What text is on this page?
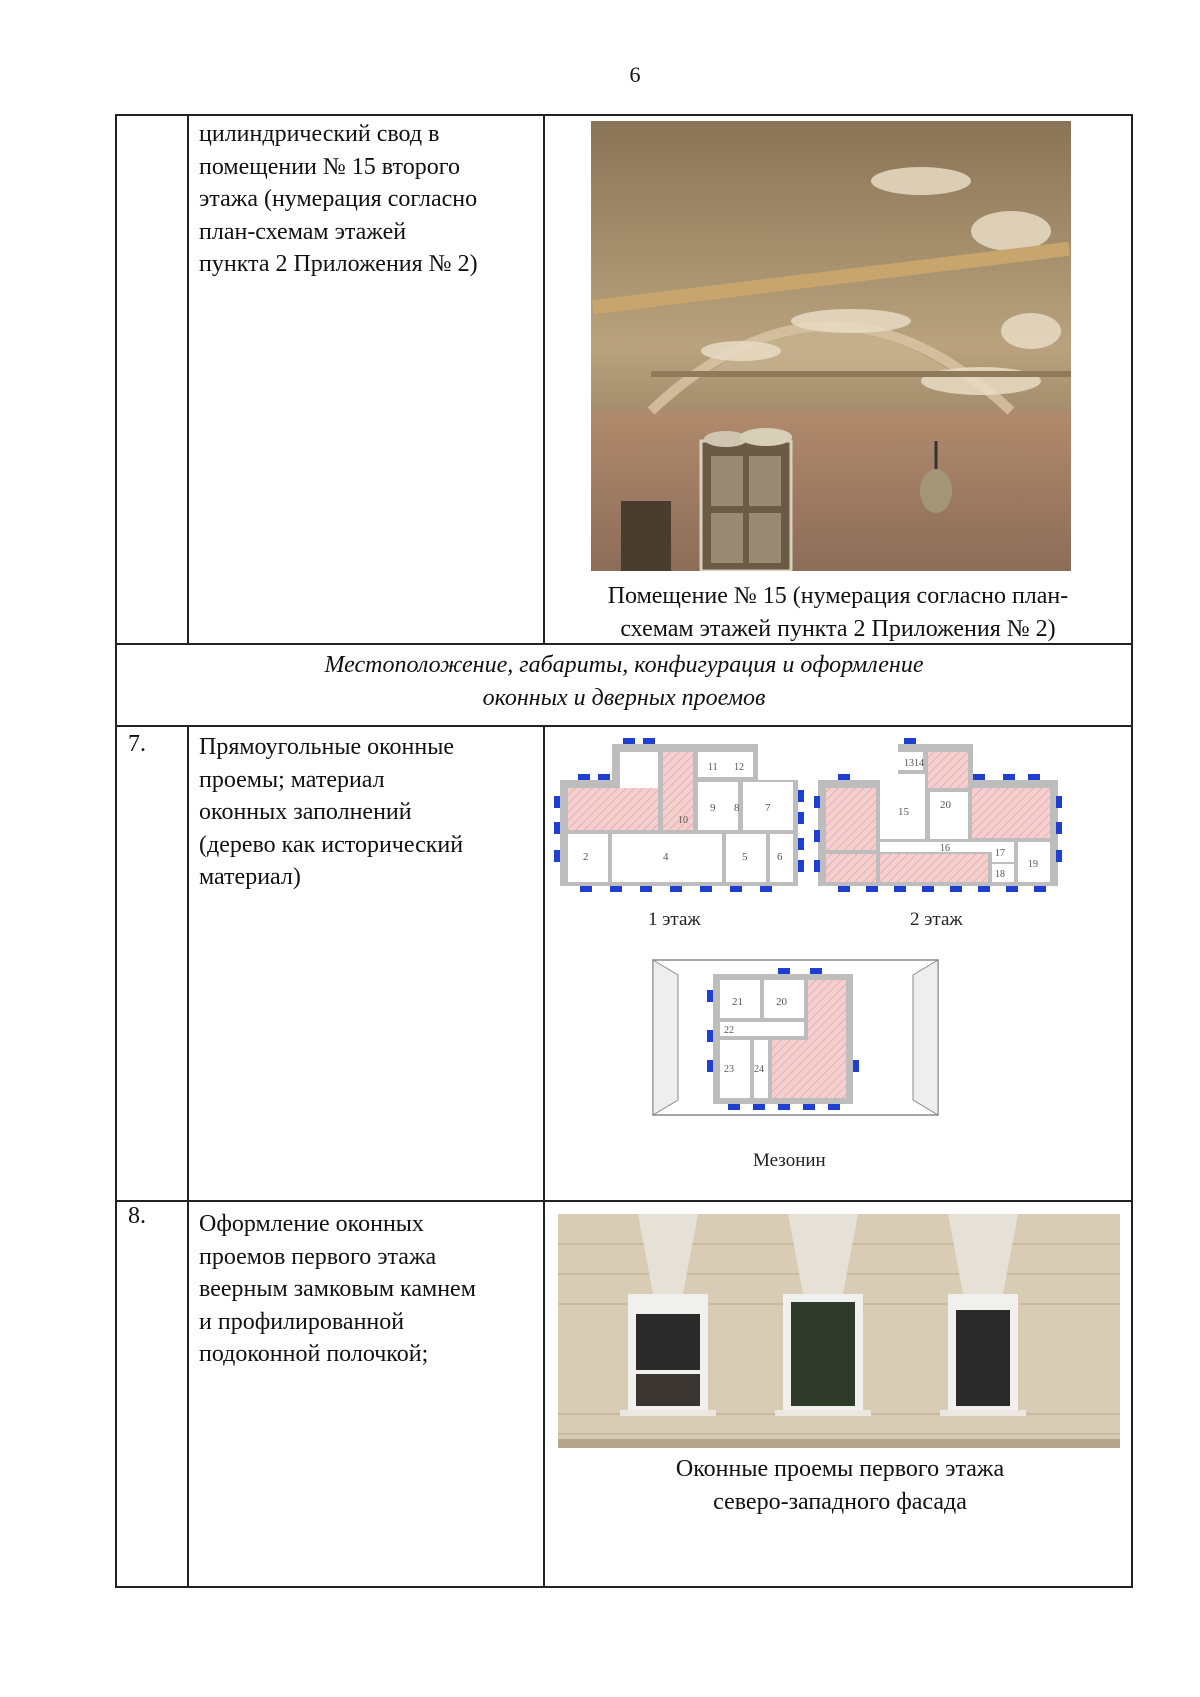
6
цилиндрический свод в
помещении № 15 второго
этажа (нумерация согласно
план-схемам этажей
пункта 2 Приложения № 2)
Помещение № 15 (нумерация согласно план-
схемам этажей пункта 2 Приложения № 2)
Местоположение, габариты, конфигурация и оформление
оконных и дверных проемов
7. Прямоугольные оконные
проемы; материал
оконных заполнений
(дерево как исторический
материал)
2	4	5	6
7
8
9
10
11 12
1 этаж
13 14
15
16	17
18
19
20
2 этаж
21	20
22
23 24
Мезонин
8. Оформление оконных
проемов первого этажа
веерным замковым камнем
и профилированной
подоконной полочкой;
Оконные проемы первого этажа
северо-западного фасада
